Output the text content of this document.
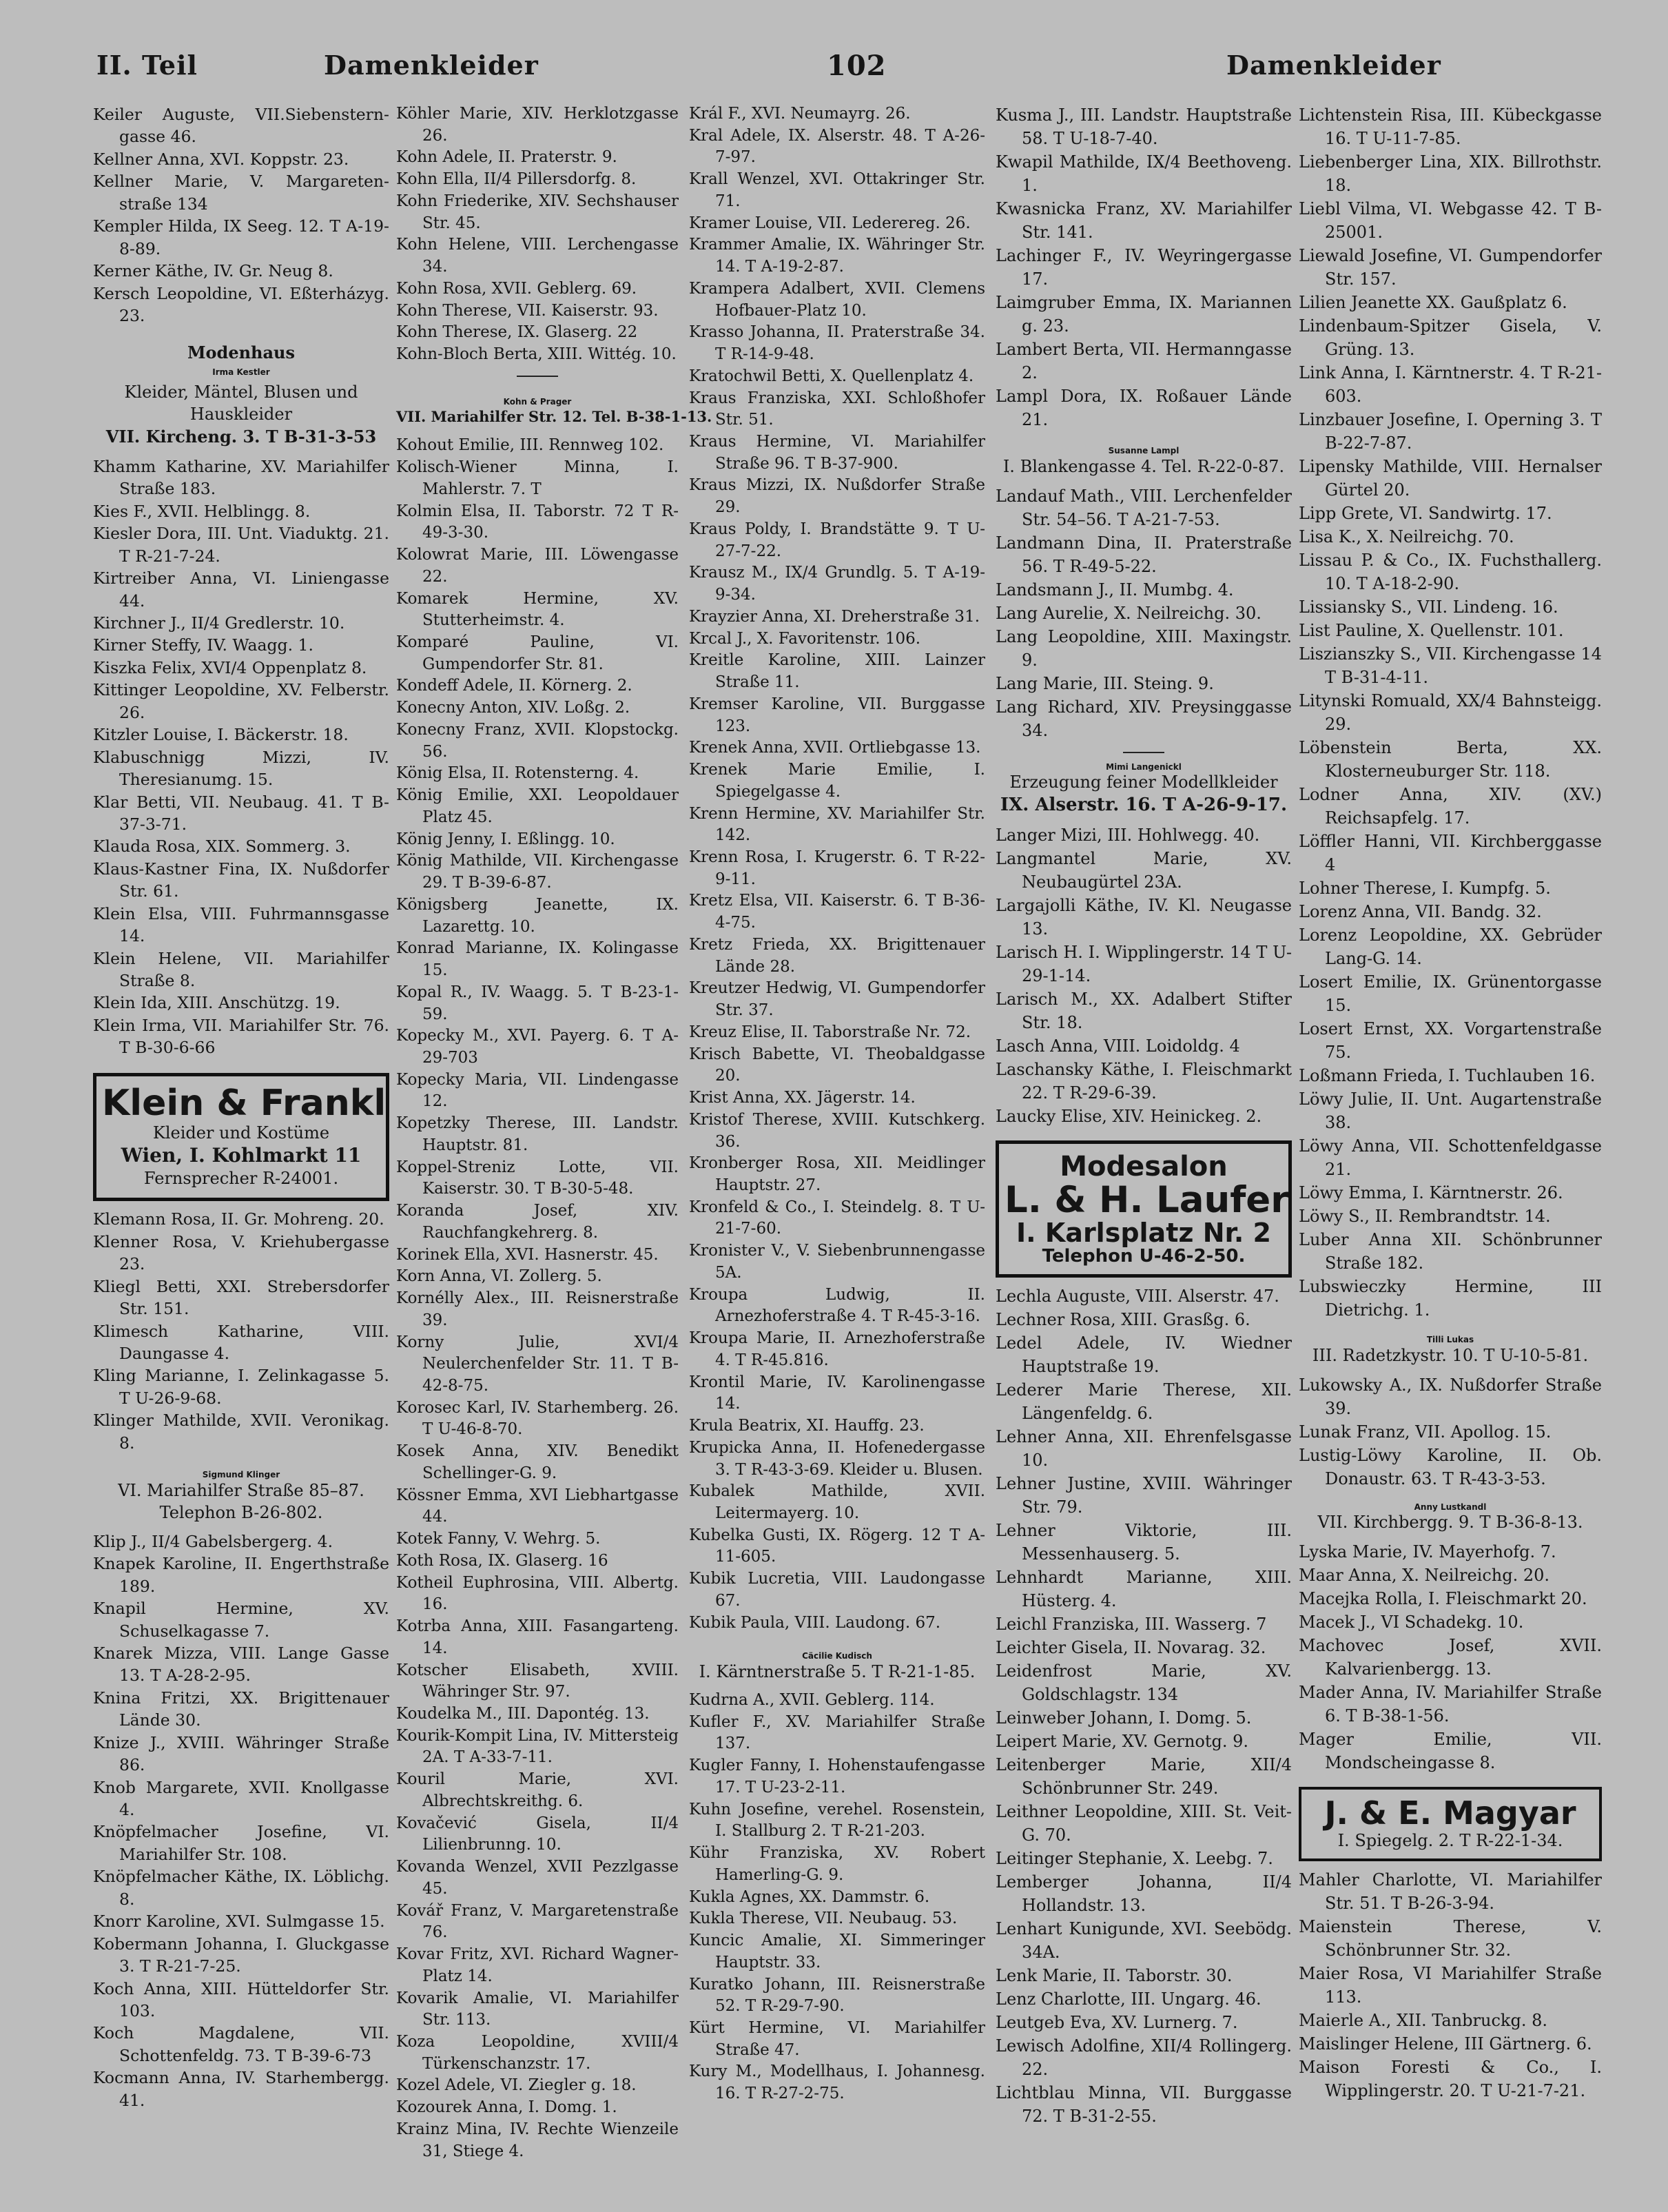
II. Teil	Damenkleider	102	Damenkleider
Keiler Auguste, VII.Siebenstern-gasse 46.
Kellner Anna, XVI. Koppstr. 23.
Kellner Marie, V. Margareten-straße 134
Kempler Hilda, IX Seeg. 12. T A-19-8-89.
Kerner Käthe, IV. Gr. Neug 8.
Kersch Leopoldine, VI. Eßterházyg. 23.
Modenhaus
Irma Kestler
Kleider, Mäntel, Blusen und Hauskleider
VII. Kircheng. 3. T B-31-3-53
Khamm Katharine, XV. Mariahilfer Straße 183.
Kies F., XVII. Helblingg. 8.
Kiesler Dora, III. Unt. Viaduktg. 21. T R-21-7-24.
Kirtreiber Anna, VI. Liniengasse 44.
Kirchner J., II/4 Gredlerstr. 10.
Kirner Steffy, IV. Waagg. 1.
Kiszka Felix, XVI/4 Oppenplatz 8.
Kittinger Leopoldine, XV. Felberstr. 26.
Kitzler Louise, I. Bäckerstr. 18.
Klabuschnigg Mizzi, IV. Theresianumg. 15.
Klar Betti, VII. Neubaug. 41. T B-37-3-71.
Klauda Rosa, XIX. Sommerg. 3.
Klaus-Kastner Fina, IX. Nußdorfer Str. 61.
Klein Elsa, VIII. Fuhrmannsgasse 14.
Klein Helene, VII. Mariahilfer Straße 8.
Klein Ida, XIII. Anschützg. 19.
Klein Irma, VII. Mariahilfer Str. 76. T B-30-6-66
Klein & Frankl
Kleider und Kostüme
Wien, I. Kohlmarkt 11
Fernsprecher R-24001.
Klemann Rosa, II. Gr. Mohreng. 20.
Klenner Rosa, V. Kriehubergasse 23.
Kliegl Betti, XXI. Strebersdorfer Str. 151.
Klimesch Katharine, VIII. Daungasse 4.
Kling Marianne, I. Zelinkagasse 5. T U-26-9-68.
Klinger Mathilde, XVII. Veronikag. 8.
Sigmund Klinger
VI. Mariahilfer Straße 85–87.
Telephon B-26-802.
Klip J., II/4 Gabelsbergerg. 4.
Knapek Karoline, II. Engerthstraße 189.
Knapil Hermine, XV. Schuselkagasse 7.
Knarek Mizza, VIII. Lange Gasse 13. T A-28-2-95.
Knina Fritzi, XX. Brigittenauer Lände 30.
Knize J., XVIII. Währinger Straße 86.
Knob Margarete, XVII. Knollgasse 4.
Knöpfelmacher Josefine, VI. Mariahilfer Str. 108.
Knöpfelmacher Käthe, IX. Löblichg. 8.
Knorr Karoline, XVI. Sulmgasse 15.
Kobermann Johanna, I. Gluckgasse 3. T R-21-7-25.
Koch Anna, XIII. Hütteldorfer Str. 103.
Koch Magdalene, VII. Schottenfeldg. 73. T B-39-6-73
Kocmann Anna, IV. Starhembergg. 41.
Köhler Marie, XIV. Herklotzgasse 26.
Kohn Adele, II. Praterstr. 9.
Kohn Ella, II/4 Pillersdorfg. 8.
Kohn Friederike, XIV. Sechshauser Str. 45.
Kohn Helene, VIII. Lerchengasse 34.
Kohn Rosa, XVII. Geblerg. 69.
Kohn Therese, VII. Kaiserstr. 93.
Kohn Therese, IX. Glaserg. 22
Kohn-Bloch Berta, XIII. Wittég. 10.
Kohn & Prager
VII. Mariahilfer Str. 12. Tel. B-38-1-13.
Kohout Emilie, III. Rennweg 102.
Kolisch-Wiener Minna, I. Mahlerstr. 7. T
Kolmin Elsa, II. Taborstr. 72 T R-49-3-30.
Kolowrat Marie, III. Löwengasse 22.
Komarek Hermine, XV. Stutterheimstr. 4.
Komparé Pauline, VI. Gumpendorfer Str. 81.
Kondeff Adele, II. Körnerg. 2.
Konecny Anton, XIV. Loßg. 2.
Konecny Franz, XVII. Klopstockg. 56.
König Elsa, II. Rotensterng. 4.
König Emilie, XXI. Leopoldauer Platz 45.
König Jenny, I. Eßlingg. 10.
König Mathilde, VII. Kirchengasse 29. T B-39-6-87.
Königsberg Jeanette, IX. Lazarettg. 10.
Konrad Marianne, IX. Kolingasse 15.
Kopal R., IV. Waagg. 5. T B-23-1-59.
Kopecky M., XVI. Payerg. 6. T A-29-703
Kopecky Maria, VII. Lindengasse 12.
Kopetzky Therese, III. Landstr. Hauptstr. 81.
Koppel-Streniz Lotte, VII. Kaiserstr. 30. T B-30-5-48.
Koranda Josef, XIV. Rauchfangkehrerg. 8.
Korinek Ella, XVI. Hasnerstr. 45.
Korn Anna, VI. Zollerg. 5.
Kornélly Alex., III. Reisnerstraße 39.
Korny Julie, XVI/4 Neulerchenfelder Str. 11. T B-42-8-75.
Korosec Karl, IV. Starhemberg. 26. T U-46-8-70.
Kosek Anna, XIV. Benedikt Schellinger-G. 9.
Kössner Emma, XVI Liebhartgasse 44.
Kotek Fanny, V. Wehrg. 5.
Koth Rosa, IX. Glaserg. 16
Kotheil Euphrosina, VIII. Albertg. 16.
Kotrba Anna, XIII. Fasangarteng. 14.
Kotscher Elisabeth, XVIII. Währinger Str. 97.
Koudelka M., III. Dapontég. 13.
Kourik-Kompit Lina, IV. Mittersteig 2A. T A-33-7-11.
Kouril Marie, XVI. Albrechtskreithg. 6.
Kovačević Gisela, II/4 Lilienbrunng. 10.
Kovanda Wenzel, XVII Pezzlgasse 45.
Kovář Franz, V. Margaretenstraße 76.
Kovar Fritz, XVI. Richard Wagner-Platz 14.
Kovarik Amalie, VI. Mariahilfer Str. 113.
Koza Leopoldine, XVIII/4 Türkenschanzstr. 17.
Kozel Adele, VI. Ziegler g. 18.
Kozourek Anna, I. Domg. 1.
Krainz Mina, IV. Rechte Wienzeile 31, Stiege 4.
Král F., XVI. Neumayrg. 26.
Kral Adele, IX. Alserstr. 48. T A-26-7-97.
Krall Wenzel, XVI. Ottakringer Str. 71.
Kramer Louise, VII. Lederereg. 26.
Krammer Amalie, IX. Währinger Str. 14. T A-19-2-87.
Krampera Adalbert, XVII. Clemens Hofbauer-Platz 10.
Krasso Johanna, II. Praterstraße 34. T R-14-9-48.
Kratochwil Betti, X. Quellenplatz 4.
Kraus Franziska, XXI. Schloßhofer Str. 51.
Kraus Hermine, VI. Mariahilfer Straße 96. T B-37-900.
Kraus Mizzi, IX. Nußdorfer Straße 29.
Kraus Poldy, I. Brandstätte 9. T U-27-7-22.
Krausz M., IX/4 Grundlg. 5. T A-19-9-34.
Krayzier Anna, XI. Dreherstraße 31.
Krcal J., X. Favoritenstr. 106.
Kreitle Karoline, XIII. Lainzer Straße 11.
Kremser Karoline, VII. Burggasse 123.
Krenek Anna, XVII. Ortliebgasse 13.
Krenek Marie Emilie, I. Spiegelgasse 4.
Krenn Hermine, XV. Mariahilfer Str. 142.
Krenn Rosa, I. Krugerstr. 6. T R-22-9-11.
Kretz Elsa, VII. Kaiserstr. 6. T B-36-4-75.
Kretz Frieda, XX. Brigittenauer Lände 28.
Kreutzer Hedwig, VI. Gumpendorfer Str. 37.
Kreuz Elise, II. Taborstraße Nr. 72.
Krisch Babette, VI. Theobaldgasse 20.
Krist Anna, XX. Jägerstr. 14.
Kristof Therese, XVIII. Kutschkerg. 36.
Kronberger Rosa, XII. Meidlinger Hauptstr. 27.
Kronfeld & Co., I. Steindelg. 8. T U-21-7-60.
Kronister V., V. Siebenbrunnengasse 5A.
Kroupa Ludwig, II. Arnezhoferstraße 4. T R-45-3-16.
Kroupa Marie, II. Arnezhoferstraße 4. T R-45.816.
Krontil Marie, IV. Karolinengasse 14.
Krula Beatrix, XI. Hauffg. 23.
Krupicka Anna, II. Hofenedergasse 3. T R-43-3-69. Kleider u. Blusen.
Kubalek Mathilde, XVII. Leitermayerg. 10.
Kubelka Gusti, IX. Rögerg. 12 T A-11-605.
Kubik Lucretia, VIII. Laudongasse 67.
Kubik Paula, VIII. Laudong. 67.
Cäcilie Kudisch
I. Kärntnerstraße 5. T R-21-1-85.
Kudrna A., XVII. Geblerg. 114.
Kufler F., XV. Mariahilfer Straße 137.
Kugler Fanny, I. Hohenstaufengasse 17. T U-23-2-11.
Kuhn Josefine, verehel. Rosenstein, I. Stallburg 2. T R-21-203.
Kühr Franziska, XV. Robert Hamerling-G. 9.
Kukla Agnes, XX. Dammstr. 6.
Kukla Therese, VII. Neubaug. 53.
Kuncic Amalie, XI. Simmeringer Hauptstr. 33.
Kuratko Johann, III. Reisnerstraße 52. T R-29-7-90.
Kürt Hermine, VI. Mariahilfer Straße 47.
Kury M., Modellhaus, I. Johannesg. 16. T R-27-2-75.
Kusma J., III. Landstr. Hauptstraße 58. T U-18-7-40.
Kwapil Mathilde, IX/4 Beethoveng. 1.
Kwasnicka Franz, XV. Mariahilfer Str. 141.
Lachinger F., IV. Weyringergasse 17.
Laimgruber Emma, IX. Mariannen g. 23.
Lambert Berta, VII. Hermanngasse 2.
Lampl Dora, IX. Roßauer Lände 21.
Susanne Lampl
I. Blankengasse 4. Tel. R-22-0-87.
Landauf Math., VIII. Lerchenfelder Str. 54–56. T A-21-7-53.
Landmann Dina, II. Praterstraße 56. T R-49-5-22.
Landsmann J., II. Mumbg. 4.
Lang Aurelie, X. Neilreichg. 30.
Lang Leopoldine, XIII. Maxingstr. 9.
Lang Marie, III. Steing. 9.
Lang Richard, XIV. Preysinggasse 34.
Mimi Langenickl
Erzeugung feiner Modellkleider
IX. Alserstr. 16. T A-26-9-17.
Langer Mizi, III. Hohlwegg. 40.
Langmantel Marie, XV. Neubaugürtel 23A.
Largajolli Käthe, IV. Kl. Neugasse 13.
Larisch H. I. Wipplingerstr. 14 T U-29-1-14.
Larisch M., XX. Adalbert Stifter Str. 18.
Lasch Anna, VIII. Loidoldg. 4
Laschansky Käthe, I. Fleischmarkt 22. T R-29-6-39.
Laucky Elise, XIV. Heinickeg. 2.
Modesalon
L. & H. Laufer
I. Karlsplatz Nr. 2
Telephon U-46-2-50.
Lechla Auguste, VIII. Alserstr. 47.
Lechner Rosa, XIII. Grasßg. 6.
Ledel Adele, IV. Wiedner Hauptstraße 19.
Lederer Marie Therese, XII. Längenfeldg. 6.
Lehner Anna, XII. Ehrenfelsgasse 10.
Lehner Justine, XVIII. Währinger Str. 79.
Lehner Viktorie, III. Messenhauserg. 5.
Lehnhardt Marianne, XIII. Hüsterg. 4.
Leichl Franziska, III. Wasserg. 7
Leichter Gisela, II. Novarag. 32.
Leidenfrost Marie, XV. Goldschlagstr. 134
Leinweber Johann, I. Domg. 5.
Leipert Marie, XV. Gernotg. 9.
Leitenberger Marie, XII/4 Schönbrunner Str. 249.
Leithner Leopoldine, XIII. St. Veit-G. 70.
Leitinger Stephanie, X. Leebg. 7.
Lemberger Johanna, II/4 Hollandstr. 13.
Lenhart Kunigunde, XVI. Seebödg. 34A.
Lenk Marie, II. Taborstr. 30.
Lenz Charlotte, III. Ungarg. 46.
Leutgeb Eva, XV. Lurnerg. 7.
Lewisch Adolfine, XII/4 Rollingerg. 22.
Lichtblau Minna, VII. Burggasse 72. T B-31-2-55.
Lichtenstein Risa, III. Kübeckgasse 16. T U-11-7-85.
Liebenberger Lina, XIX. Billrothstr. 18.
Liebl Vilma, VI. Webgasse 42. T B-25001.
Liewald Josefine, VI. Gumpendorfer Str. 157.
Lilien Jeanette XX. Gaußplatz 6.
Lindenbaum-Spitzer Gisela, V. Grüng. 13.
Link Anna, I. Kärntnerstr. 4. T R-21-603.
Linzbauer Josefine, I. Operning 3. T B-22-7-87.
Lipensky Mathilde, VIII. Hernalser Gürtel 20.
Lipp Grete, VI. Sandwirtg. 17.
Lisa K., X. Neilreichg. 70.
Lissau P. & Co., IX. Fuchsthallerg. 10. T A-18-2-90.
Lissiansky S., VII. Lindeng. 16.
List Pauline, X. Quellenstr. 101.
Liszianszky S., VII. Kirchengasse 14 T B-31-4-11.
Litynski Romuald, XX/4 Bahnsteigg. 29.
Löbenstein Berta, XX. Klosterneuburger Str. 118.
Lodner Anna, XIV. (XV.) Reichsapfelg. 17.
Löffler Hanni, VII. Kirchberggasse 4
Lohner Therese, I. Kumpfg. 5.
Lorenz Anna, VII. Bandg. 32.
Lorenz Leopoldine, XX. Gebrüder Lang-G. 14.
Losert Emilie, IX. Grünentorgasse 15.
Losert Ernst, XX. Vorgartenstraße 75.
Loßmann Frieda, I. Tuchlauben 16.
Löwy Julie, II. Unt. Augartenstraße 38.
Löwy Anna, VII. Schottenfeldgasse 21.
Löwy Emma, I. Kärntnerstr. 26.
Löwy S., II. Rembrandtstr. 14.
Luber Anna XII. Schönbrunner Straße 182.
Lubswieczky Hermine, III Dietrichg. 1.
Tilli Lukas
III. Radetzkystr. 10. T U-10-5-81.
Lukowsky A., IX. Nußdorfer Straße 39.
Lunak Franz, VII. Apollog. 15.
Lustig-Löwy Karoline, II. Ob. Donaustr. 63. T R-43-3-53.
Anny Lustkandl
VII. Kirchbergg. 9. T B-36-8-13.
Lyska Marie, IV. Mayerhofg. 7.
Maar Anna, X. Neilreichg. 20.
Macejka Rolla, I. Fleischmarkt 20.
Macek J., VI Schadekg. 10.
Machovec Josef, XVII. Kalvarienbergg. 13.
Mader Anna, IV. Mariahilfer Straße 6. T B-38-1-56.
Mager Emilie, VII. Mondscheingasse 8.
J. & E. Magyar
I. Spiegelg. 2. T R-22-1-34.
Mahler Charlotte, VI. Mariahilfer Str. 51. T B-26-3-94.
Maienstein Therese, V. Schönbrunner Str. 32.
Maier Rosa, VI Mariahilfer Straße 113.
Maierle A., XII. Tanbruckg. 8.
Maislinger Helene, III Gärtnerg. 6.
Maison Foresti & Co., I. Wipplingerstr. 20. T U-21-7-21.
